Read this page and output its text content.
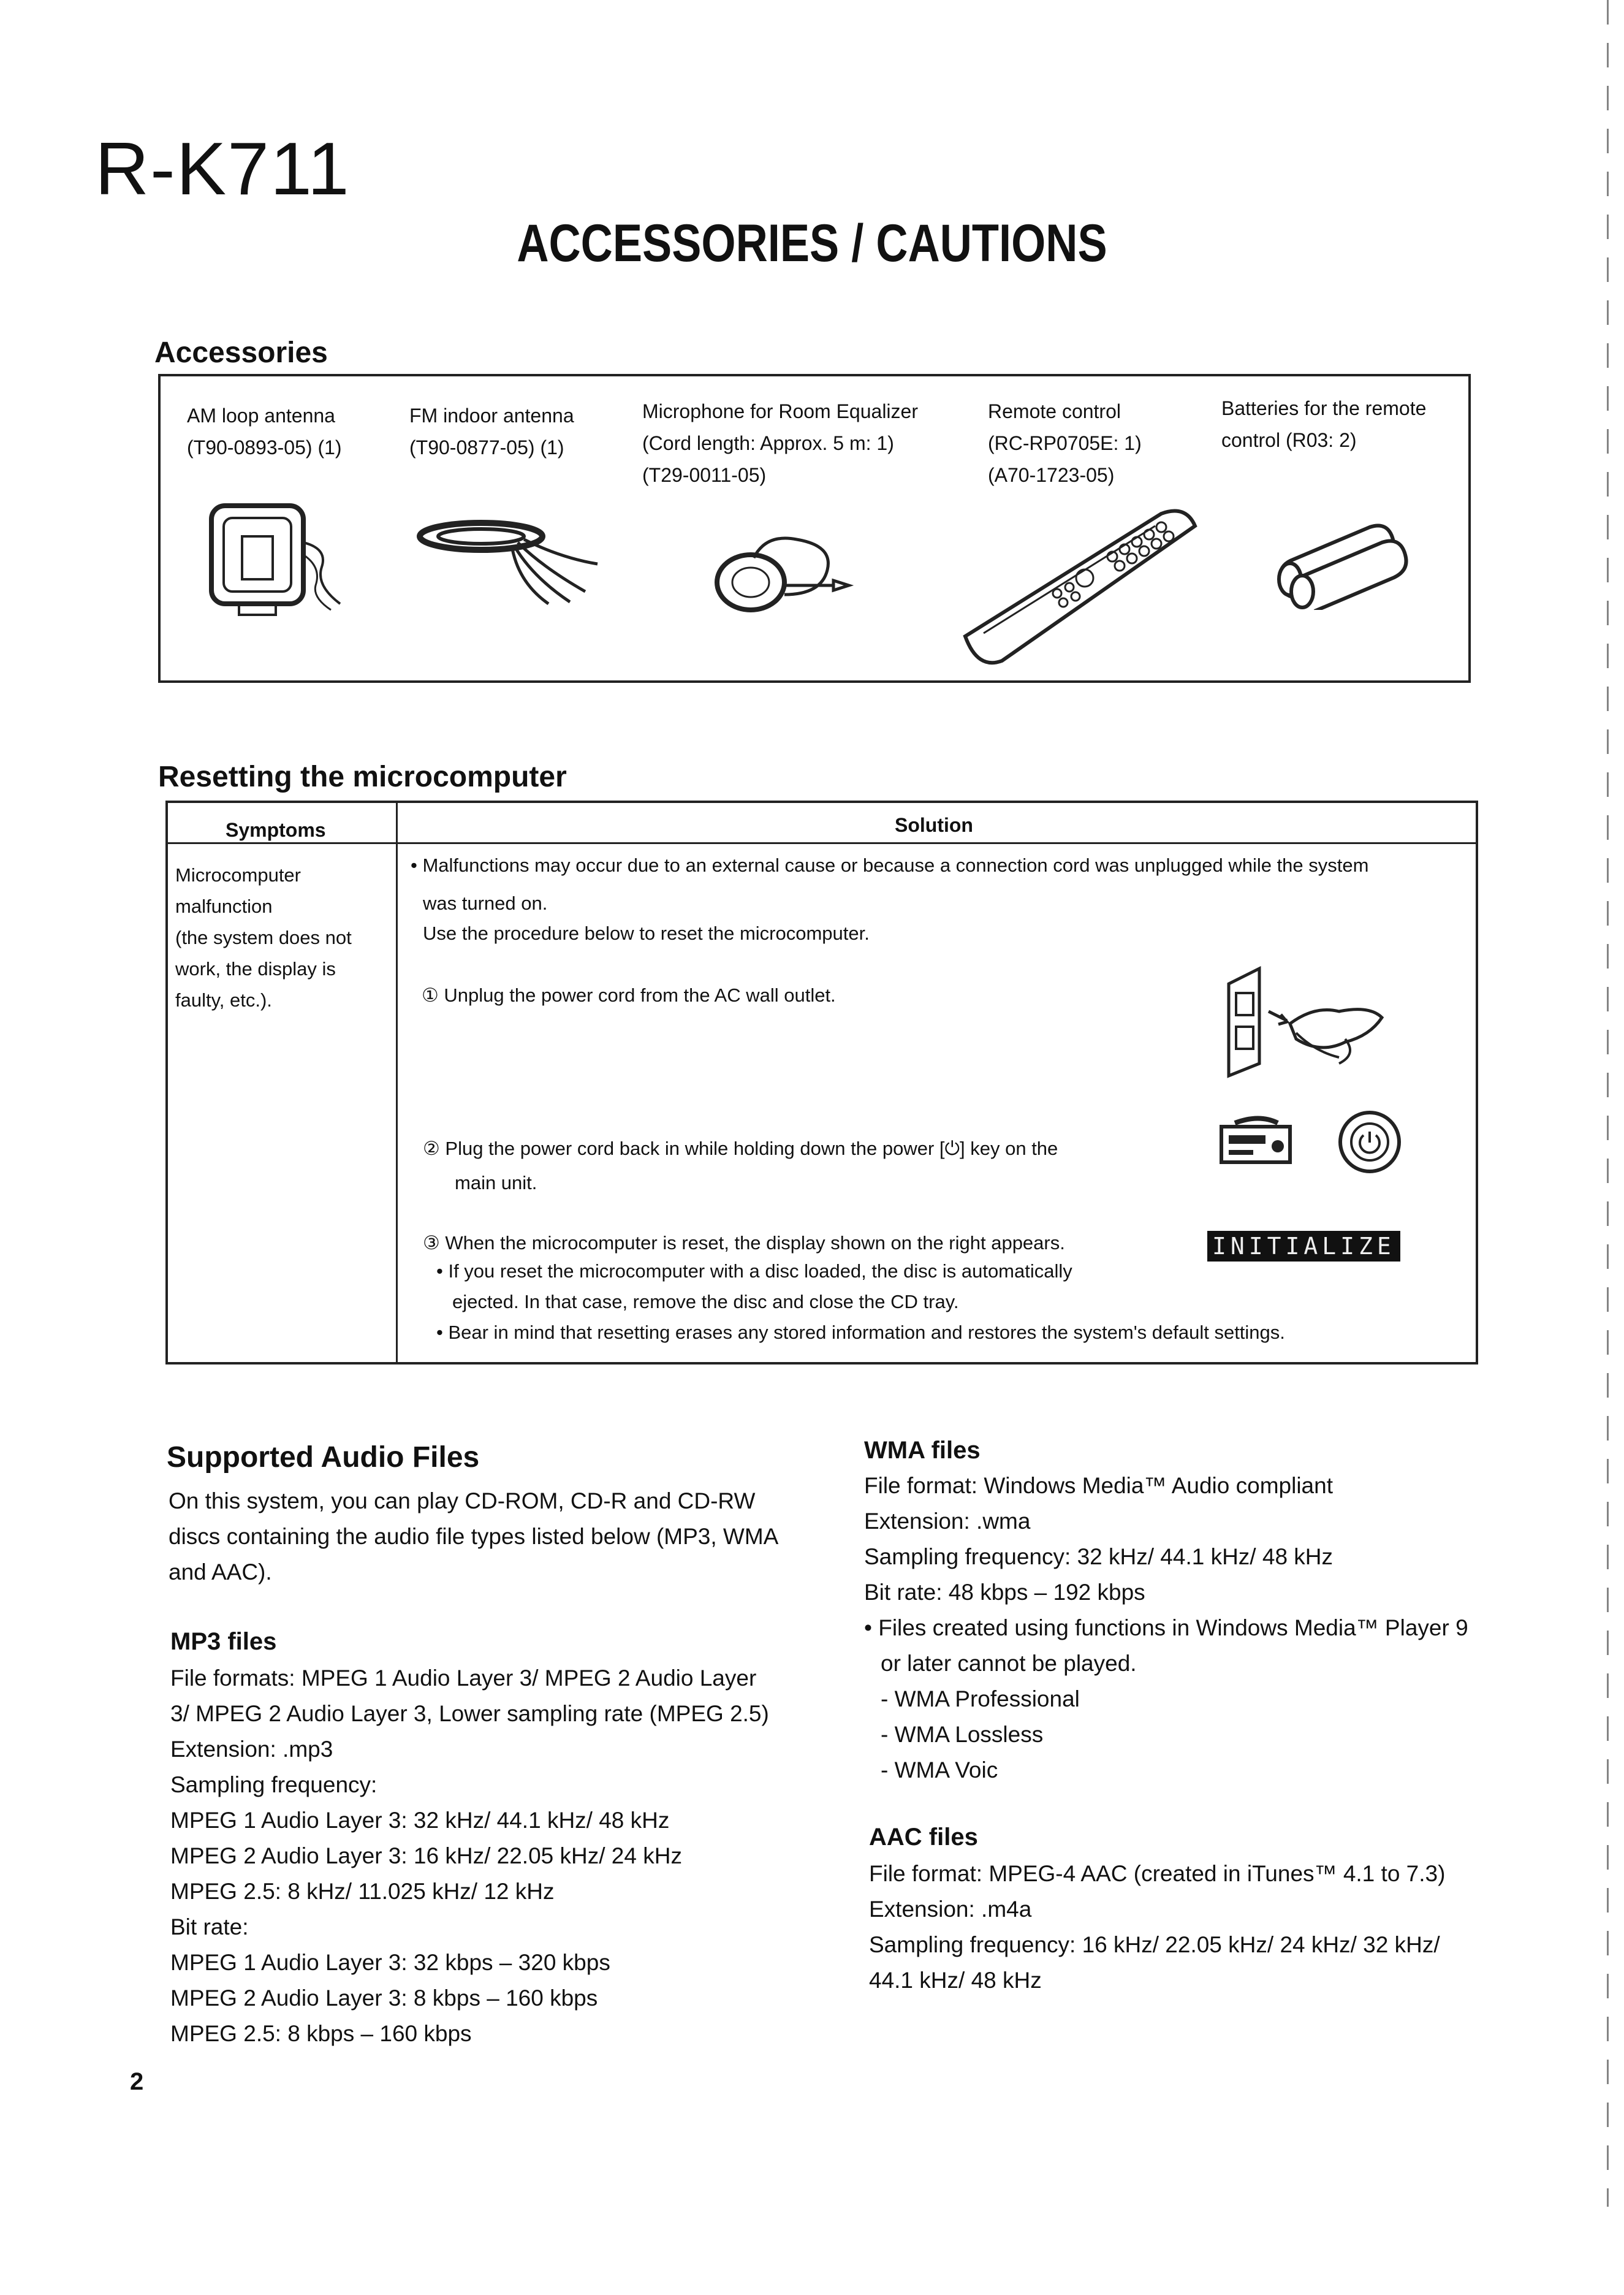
R-K711
ACCESSORIES / CAUTIONS
Accessories
AM loop antenna
(T90-0893-05) (1)
FM indoor antenna
(T90-0877-05) (1)
Microphone for Room Equalizer
(Cord length: Approx. 5 m: 1)
(T29-0011-05)
Remote control
(RC-RP0705E: 1)
(A70-1723-05)
Batteries for the remote
control (R03: 2)
Resetting the microcomputer
Symptoms	Solution
Microcomputer
malfunction
(the system does not
work, the display is
faulty, etc.).
• Malfunctions may occur due to an external cause or because a connection cord was unplugged while the system
was turned on.
Use the procedure below to reset the microcomputer.
① Unplug the power cord from the AC wall outlet.
② Plug the power cord back in while holding down the power [⏻] key on the
main unit.
③ When the microcomputer is reset, the display shown on the right appears.
• If you reset the microcomputer with a disc loaded, the disc is automatically
ejected. In that case, remove the disc and close the CD tray.
• Bear in mind that resetting erases any stored information and restores the system's default settings.
INITIALIZE
Supported Audio Files
On this system, you can play CD-ROM, CD-R and CD-RW
discs containing the audio file types listed below (MP3, WMA
and AAC).
MP3 files
File formats: MPEG 1 Audio Layer 3/ MPEG 2 Audio Layer
3/ MPEG 2 Audio Layer 3, Lower sampling rate (MPEG 2.5)
Extension: .mp3
Sampling frequency:
MPEG 1 Audio Layer 3: 32 kHz/ 44.1 kHz/ 48 kHz
MPEG 2 Audio Layer 3: 16 kHz/ 22.05 kHz/ 24 kHz
MPEG 2.5: 8 kHz/ 11.025 kHz/ 12 kHz
Bit rate:
MPEG 1 Audio Layer 3: 32 kbps – 320 kbps
MPEG 2 Audio Layer 3: 8 kbps – 160 kbps
MPEG 2.5: 8 kbps – 160 kbps
WMA files
File format: Windows Media™ Audio compliant
Extension: .wma
Sampling frequency: 32 kHz/ 44.1 kHz/ 48 kHz
Bit rate: 48 kbps – 192 kbps
• Files created using functions in Windows Media™ Player 9
or later cannot be played.
- WMA Professional
- WMA Lossless
- WMA Voic
AAC files
File format: MPEG-4 AAC (created in iTunes™ 4.1 to 7.3)
Extension: .m4a
Sampling frequency: 16 kHz/ 22.05 kHz/ 24 kHz/ 32 kHz/
44.1 kHz/ 48 kHz
2
